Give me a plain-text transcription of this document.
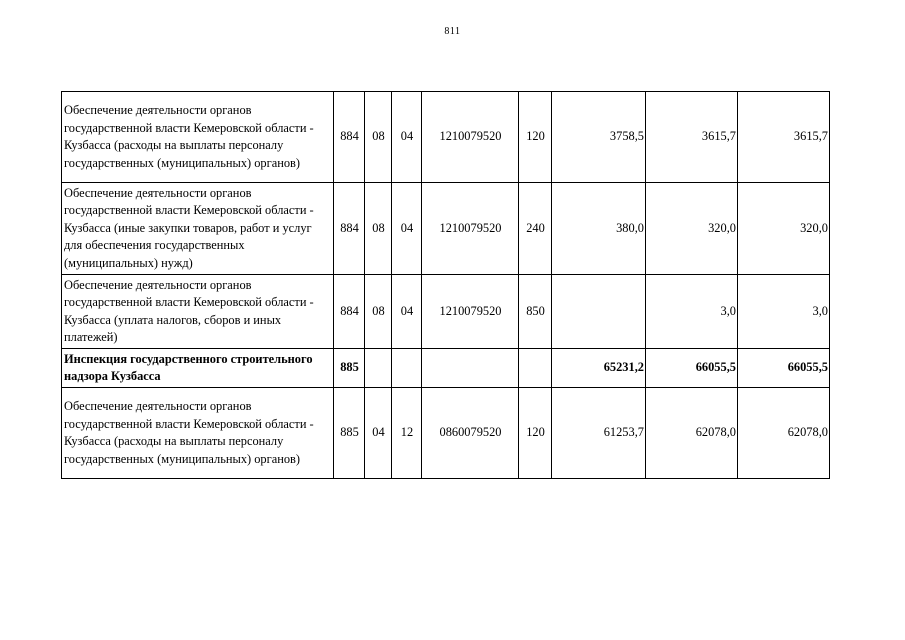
811
Обеспечение деятельности органов государственной власти Кемеровской области - Кузбасса (расходы на выплаты персоналу государственных (муниципальных) органов)	884	08	04	1210079520	120	3758,5	3615,7	3615,7
Обеспечение деятельности органов государственной власти Кемеровской области - Кузбасса (иные закупки товаров, работ и услуг для обеспечения государственных (муниципальных) нужд)	884	08	04	1210079520	240	380,0	320,0	320,0
Обеспечение деятельности органов государственной власти Кемеровской области - Кузбасса (уплата налогов, сборов и иных платежей)	884	08	04	1210079520	850		3,0	3,0
Инспекция государственного строительного надзора Кузбасса	885					65231,2	66055,5	66055,5
Обеспечение деятельности органов государственной власти Кемеровской области - Кузбасса (расходы на выплаты персоналу государственных (муниципальных) органов)	885	04	12	0860079520	120	61253,7	62078,0	62078,0
